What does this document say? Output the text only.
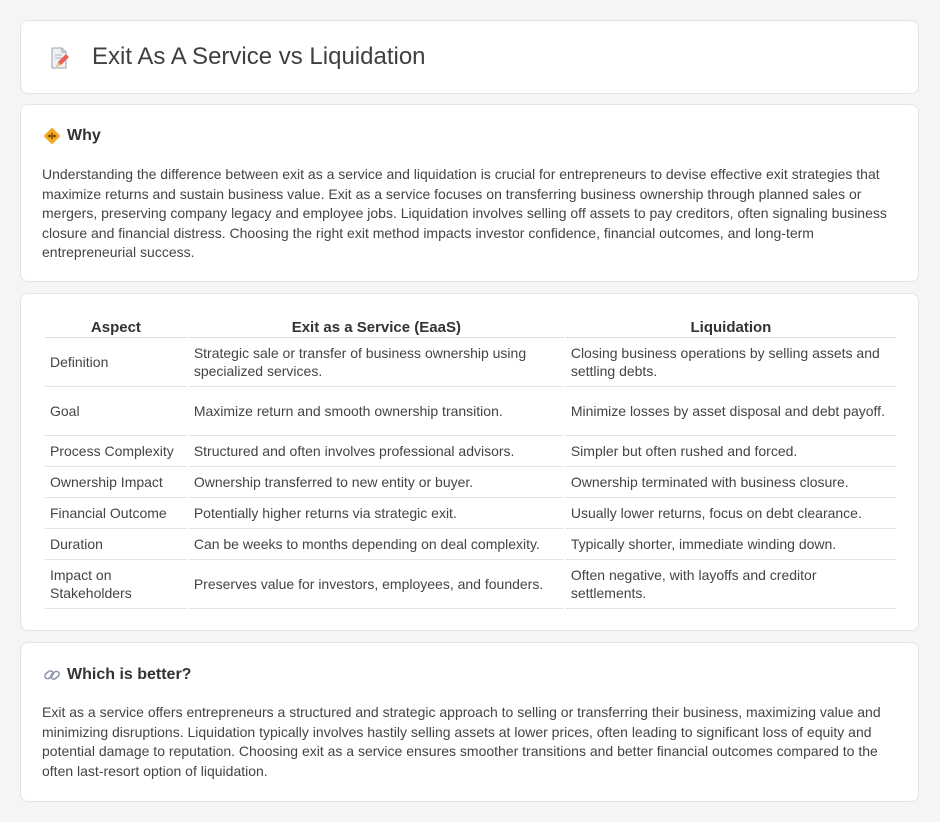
Exit As A Service vs Liquidation
Why

Understanding the difference between exit as a service and liquidation is crucial for entrepreneurs to devise effective exit strategies that maximize returns and sustain business value. Exit as a service focuses on transferring business ownership through planned sales or mergers, preserving company legacy and employee jobs. Liquidation involves selling off assets to pay creditors, often signaling business closure and financial distress. Choosing the right exit method impacts investor confidence, financial outcomes, and long-term entrepreneurial success.

Aspect	Exit as a Service (EaaS)	Liquidation
Definition	Strategic sale or transfer of business ownership using specialized services.	Closing business operations by selling assets and settling debts.
Goal	Maximize return and smooth ownership transition.	Minimize losses by asset disposal and debt payoff.
Process Complexity	Structured and often involves professional advisors.	Simpler but often rushed and forced.
Ownership Impact	Ownership transferred to new entity or buyer.	Ownership terminated with business closure.
Financial Outcome	Potentially higher returns via strategic exit.	Usually lower returns, focus on debt clearance.
Duration	Can be weeks to months depending on deal complexity.	Typically shorter, immediate winding down.
Impact on Stakeholders	Preserves value for investors, employees, and founders.	Often negative, with layoffs and creditor settlements.
Which is better?

Exit as a service offers entrepreneurs a structured and strategic approach to selling or transferring their business, maximizing value and minimizing disruptions. Liquidation typically involves hastily selling assets at lower prices, often leading to significant loss of equity and potential damage to reputation. Choosing exit as a service ensures smoother transitions and better financial outcomes compared to the often last-resort option of liquidation.
